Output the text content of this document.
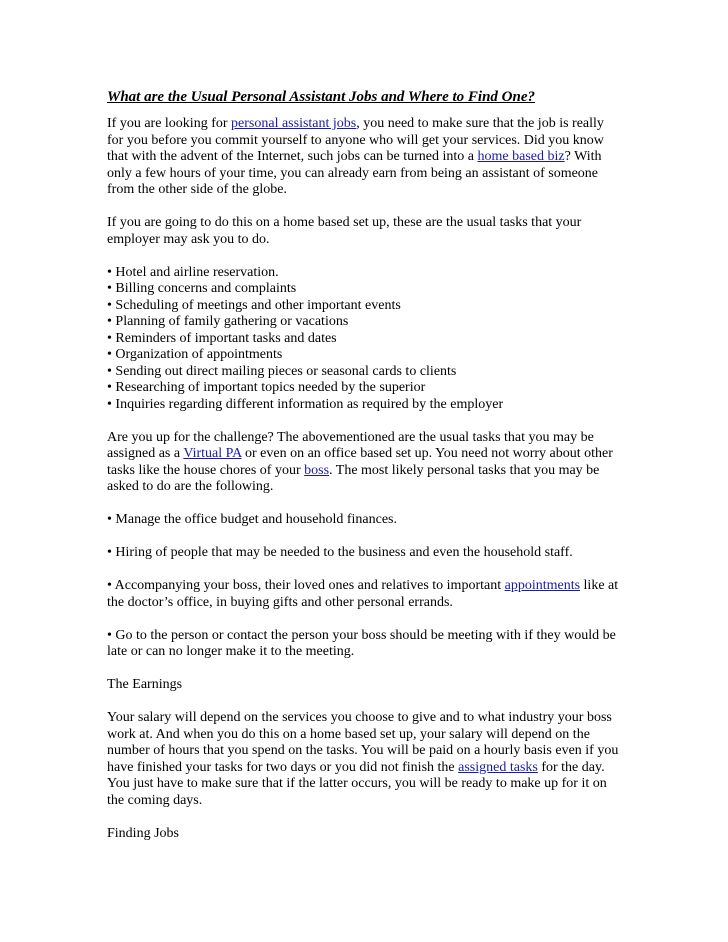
What are the Usual Personal Assistant Jobs and Where to Find One?

If you are looking for personal assistant jobs, you need to make sure that the job is really for you before you commit yourself to anyone who will get your services. Did you know that with the advent of the Internet, such jobs can be turned into a home based biz? With only a few hours of your time, you can already earn from being an assistant of someone from the other side of the globe.

If you are going to do this on a home based set up, these are the usual tasks that your employer may ask you to do.

• Hotel and airline reservation.
• Billing concerns and complaints
• Scheduling of meetings and other important events
• Planning of family gathering or vacations
• Reminders of important tasks and dates
• Organization of appointments
• Sending out direct mailing pieces or seasonal cards to clients
• Researching of important topics needed by the superior
• Inquiries regarding different information as required by the employer

Are you up for the challenge? The abovementioned are the usual tasks that you may be assigned as a Virtual PA or even on an office based set up. You need not worry about other tasks like the house chores of your boss. The most likely personal tasks that you may be asked to do are the following.

• Manage the office budget and household finances.

• Hiring of people that may be needed to the business and even the household staff.

• Accompanying your boss, their loved ones and relatives to important appointments like at the doctor’s office, in buying gifts and other personal errands.

• Go to the person or contact the person your boss should be meeting with if they would be late or can no longer make it to the meeting.

The Earnings

Your salary will depend on the services you choose to give and to what industry your boss work at. And when you do this on a home based set up, your salary will depend on the number of hours that you spend on the tasks. You will be paid on a hourly basis even if you have finished your tasks for two days or you did not finish the assigned tasks for the day. You just have to make sure that if the latter occurs, you will be ready to make up for it on the coming days.

Finding Jobs
